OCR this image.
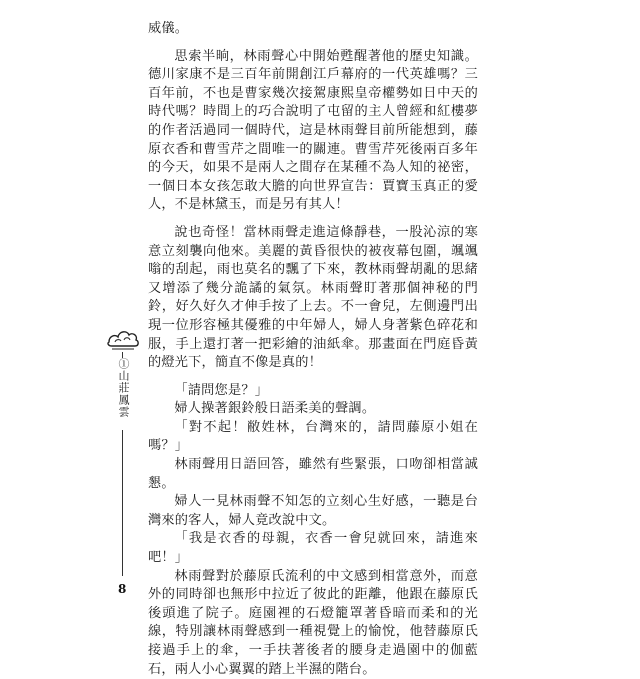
①山莊鳳雲
8

威儀。

思索半晌，林雨聲心中開始甦醒著他的歷史知識。德川家康不是三百年前開創江戶幕府的一代英雄嗎？三百年前，不也是曹家幾次接駕康熙皇帝權勢如日中天的時代嗎？時間上的巧合說明了屯留的主人曾經和紅樓夢的作者活過同一個時代，這是林雨聲目前所能想到，藤原衣香和曹雪芹之間唯一的關連。曹雪芹死後兩百多年的今天，如果不是兩人之間存在某種不為人知的祕密，一個日本女孩怎敢大膽的向世界宣告：賈寶玉真正的愛人，不是林黛玉，而是另有其人！

說也奇怪！當林雨聲走進這條靜巷，一股沁涼的寒意立刻襲向他來。美麗的黃昏很快的被夜幕包圍，颯颯嗡的刮起，雨也莫名的飄了下來，教林雨聲胡亂的思緒又增添了幾分詭譎的氣氛。林雨聲盯著那個神秘的門鈴，好久好久才伸手按了上去。不一會兒，左側邊門出現一位形容極其優雅的中年婦人，婦人身著紫色碎花和服，手上還打著一把彩繪的油紙傘。那畫面在門庭昏黃的燈光下，簡直不像是真的！

「請問您是？」

婦人操著銀鈴般日語柔美的聲調。

「對不起！敝姓林，台灣來的，請問藤原小姐在嗎？」

林雨聲用日語回答，雖然有些緊張，口吻卻相當誠懇。

婦人一見林雨聲不知怎的立刻心生好感，一聽是台灣來的客人，婦人竟改說中文。

「我是衣香的母親，衣香一會兒就回來，請進來吧！」

林雨聲對於藤原氏流利的中文感到相當意外，而意外的同時卻也無形中拉近了彼此的距離，他跟在藤原氏後頭進了院子。庭園裡的石燈籠罩著昏暗而柔和的光線，特別讓林雨聲感到一種視覺上的愉悅，他替藤原氏接過手上的傘，一手扶著後者的腰身走過園中的伽藍石，兩人小心翼翼的踏上半濕的階台。
